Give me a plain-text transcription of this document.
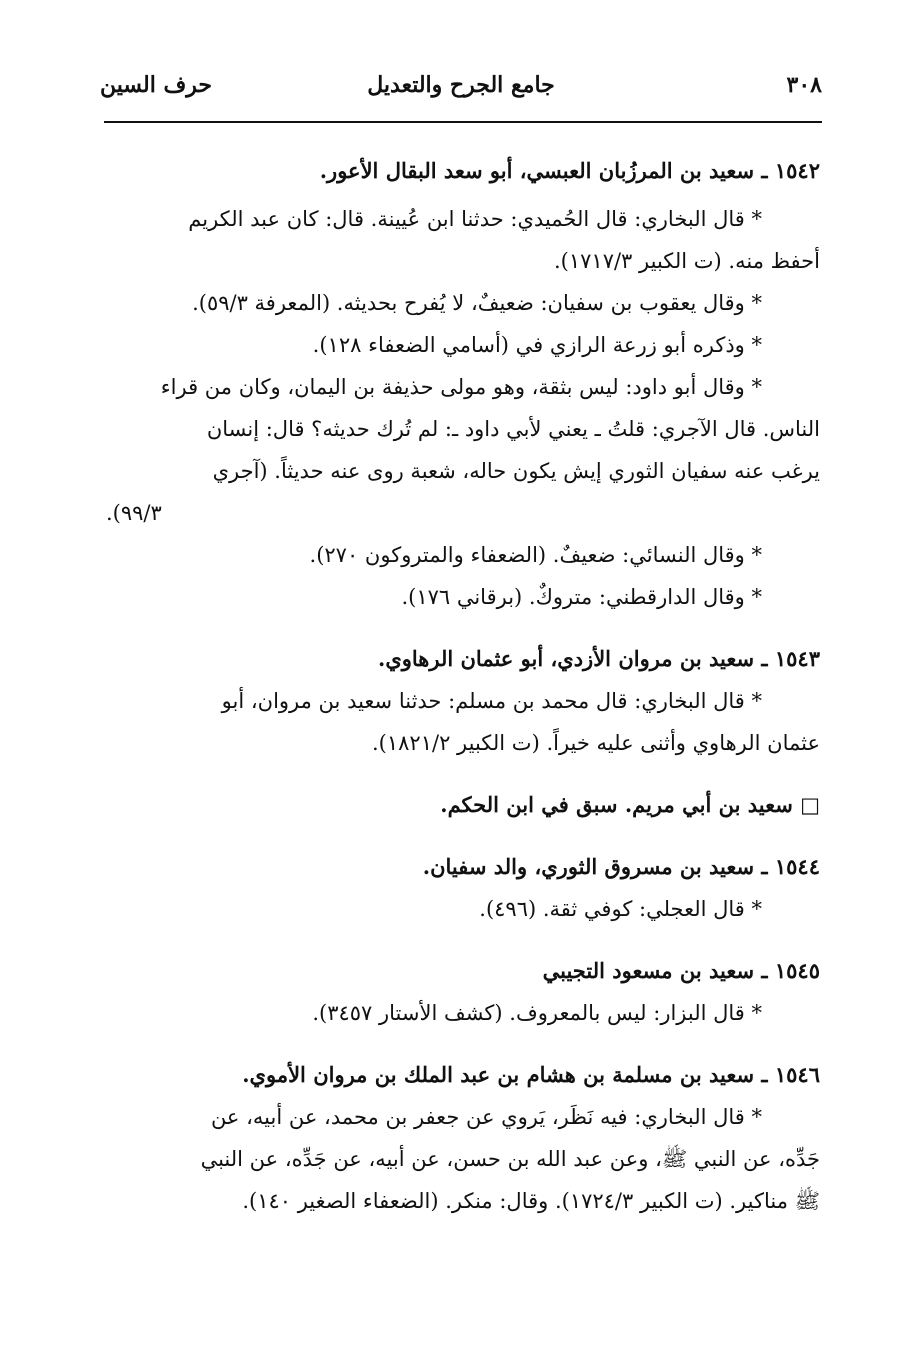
٣٠٨
جامع الجرح والتعديل
حرف السين
١٥٤٢ ـ سعيد بن المرزُبان العبسي، أبو سعد البقال الأعور.
* قال البخاري: قال الحُميدي: حدثنا ابن عُيينة. قال: كان عبد الكريم
أحفظ منه. (ت الكبير ١٧١٧/٣).
* وقال يعقوب بن سفيان: ضعيفٌ، لا يُفرح بحديثه. (المعرفة ٥٩/٣).
* وذكره أبو زرعة الرازي في (أسامي الضعفاء ١٢٨).
* وقال أبو داود: ليس بثقة، وهو مولى حذيفة بن اليمان، وكان من قراء
الناس. قال الآجري: قلتُ ـ يعني لأبي داود ـ: لم تُرك حديثه؟ قال: إنسان
يرغب عنه سفيان الثوري إيش يكون حاله، شعبة روى عنه حديثاً. (آجري
٩٩/٣).
* وقال النسائي: ضعيفٌ. (الضعفاء والمتروكون ٢٧٠).
* وقال الدارقطني: متروكٌ. (برقاني ١٧٦).
١٥٤٣ ـ سعيد بن مروان الأزدي، أبو عثمان الرهاوي.
* قال البخاري: قال محمد بن مسلم: حدثنا سعيد بن مروان، أبو
عثمان الرهاوي وأثنى عليه خيراً. (ت الكبير ١٨٢١/٢).
□ سعيد بن أبي مريم. سبق في ابن الحكم.
١٥٤٤ ـ سعيد بن مسروق الثوري، والد سفيان.
* قال العجلي: كوفي ثقة. (٤٩٦).
١٥٤٥ ـ سعيد بن مسعود التجيبي
* قال البزار: ليس بالمعروف. (كشف الأستار ٣٤٥٧).
١٥٤٦ ـ سعيد بن مسلمة بن هشام بن عبد الملك بن مروان الأموي.
* قال البخاري: فيه نَظَر، يَروي عن جعفر بن محمد، عن أبيه، عن
جَدِّه، عن النبي ﷺ، وعن عبد الله بن حسن، عن أبيه، عن جَدِّه، عن النبي
ﷺ مناكير. (ت الكبير ١٧٢٤/٣). وقال: منكر. (الضعفاء الصغير ١٤٠).
